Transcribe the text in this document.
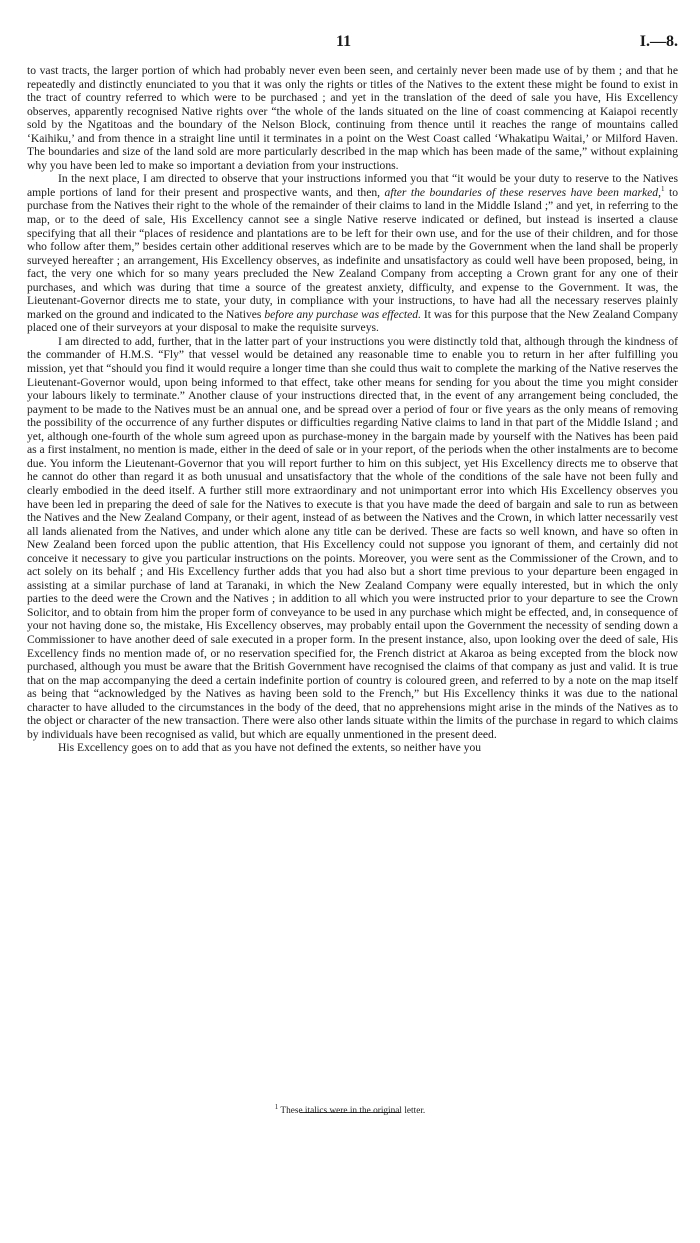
11	I.—8.

to vast tracts, the larger portion of which had probably never even been seen, and certainly never been made use of by them ; and that he repeatedly and distinctly enunciated to you that it was only the rights or titles of the Natives to the extent these might be found to exist in the tract of country referred to which were to be purchased ; and yet in the translation of the deed of sale you have, His Excellency observes, apparently recognised Native rights over “the whole of the lands situated on the line of coast commencing at Kaiapoi recently sold by the Ngatitoas and the boundary of the Nelson Block, continuing from thence until it reaches the range of mountains called ‘Kaihiku,’ and from thence in a straight line until it terminates in a point on the West Coast called ‘Whakatipu Waitai,’ or Milford Haven. The boundaries and size of the land sold are more particularly described in the map which has been made of the same,” without explaining why you have been led to make so important a deviation from your instructions.

In the next place, I am directed to observe that your instructions informed you that “it would be your duty to reserve to the Natives ample portions of land for their present and prospective wants, and then, after the boundaries of these reserves have been marked,$^1$ to purchase from the Natives their right to the whole of the remainder of their claims to land in the Middle Island ;” and yet, in referring to the map, or to the deed of sale, His Excellency cannot see a single Native reserve indicated or defined, but instead is inserted a clause specifying that all their “places of residence and plantations are to be left for their own use, and for the use of their children, and for those who follow after them,” besides certain other additional reserves which are to be made by the Government when the land shall be properly surveyed hereafter ; an arrangement, His Excellency observes, as indefinite and unsatisfactory as could well have been proposed, being, in fact, the very one which for so many years precluded the New Zealand Company from accepting a Crown grant for any one of their purchases, and which was during that time a source of the greatest anxiety, difficulty, and expense to the Government. It was, the Lieutenant-Governor directs me to state, your duty, in compliance with your instructions, to have had all the necessary reserves plainly marked on the ground and indicated to the Natives before any purchase was effected. It was for this purpose that the New Zealand Company placed one of their surveyors at your disposal to make the requisite surveys.

I am directed to add, further, that in the latter part of your instructions you were distinctly told that, although through the kindness of the commander of H.M.S. “Fly” that vessel would be detained any reasonable time to enable you to return in her after fulfilling you mission, yet that “should you find it would require a longer time than she could thus wait to complete the marking of the Native reserves the Lieutenant-Governor would, upon being informed to that effect, take other means for sending for you about the time you might consider your labours likely to terminate.” Another clause of your instructions directed that, in the event of any arrangement being concluded, the payment to be made to the Natives must be an annual one, and be spread over a period of four or five years as the only means of removing the possibility of the occurrence of any further disputes or difficulties regarding Native claims to land in that part of the Middle Island ; and yet, although one-fourth of the whole sum agreed upon as purchase-money in the bargain made by yourself with the Natives has been paid as a first instalment, no mention is made, either in the deed of sale or in your report, of the periods when the other instalments are to become due. You inform the Lieutenant-Governor that you will report further to him on this subject, yet His Excellency directs me to observe that he cannot do other than regard it as both unusual and unsatisfactory that the whole of the conditions of the sale have not been fully and clearly embodied in the deed itself. A further still more extraordinary and not unimportant error into which His Excellency observes you have been led in preparing the deed of sale for the Natives to execute is that you have made the deed of bargain and sale to run as between the Natives and the New Zealand Company, or their agent, instead of as between the Natives and the Crown, in which latter necessarily vest all lands alienated from the Natives, and under which alone any title can be derived. These are facts so well known, and have so often in New Zealand been forced upon the public attention, that His Excellency could not suppose you ignorant of them, and certainly did not conceive it necessary to give you particular instructions on the points. Moreover, you were sent as the Commissioner of the Crown, and to act solely on its behalf ; and His Excellency further adds that you had also but a short time previous to your departure been engaged in assisting at a similar purchase of land at Taranaki, in which the New Zealand Company were equally interested, but in which the only parties to the deed were the Crown and the Natives ; in addition to all which you were instructed prior to your departure to see the Crown Solicitor, and to obtain from him the proper form of conveyance to be used in any purchase which might be effected, and, in consequence of your not having done so, the mistake, His Excellency observes, may probably entail upon the Government the necessity of sending down a Commissioner to have another deed of sale executed in a proper form. In the present instance, also, upon looking over the deed of sale, His Excellency finds no mention made of, or no reservation specified for, the French district at Akaroa as being excepted from the block now purchased, although you must be aware that the British Government have recognised the claims of that company as just and valid. It is true that on the map accompanying the deed a certain indefinite portion of country is coloured green, and referred to by a note on the map itself as being that “acknowledged by the Natives as having been sold to the French,” but His Excellency thinks it was due to the national character to have alluded to the circumstances in the body of the deed, that no apprehensions might arise in the minds of the Natives as to the object or character of the new transaction. There were also other lands situate within the limits of the purchase in regard to which claims by individuals have been recognised as valid, but which are equally unmentioned in the present deed.

His Excellency goes on to add that as you have not defined the extents, so neither have you

$^1$ These italics were in the original letter.
